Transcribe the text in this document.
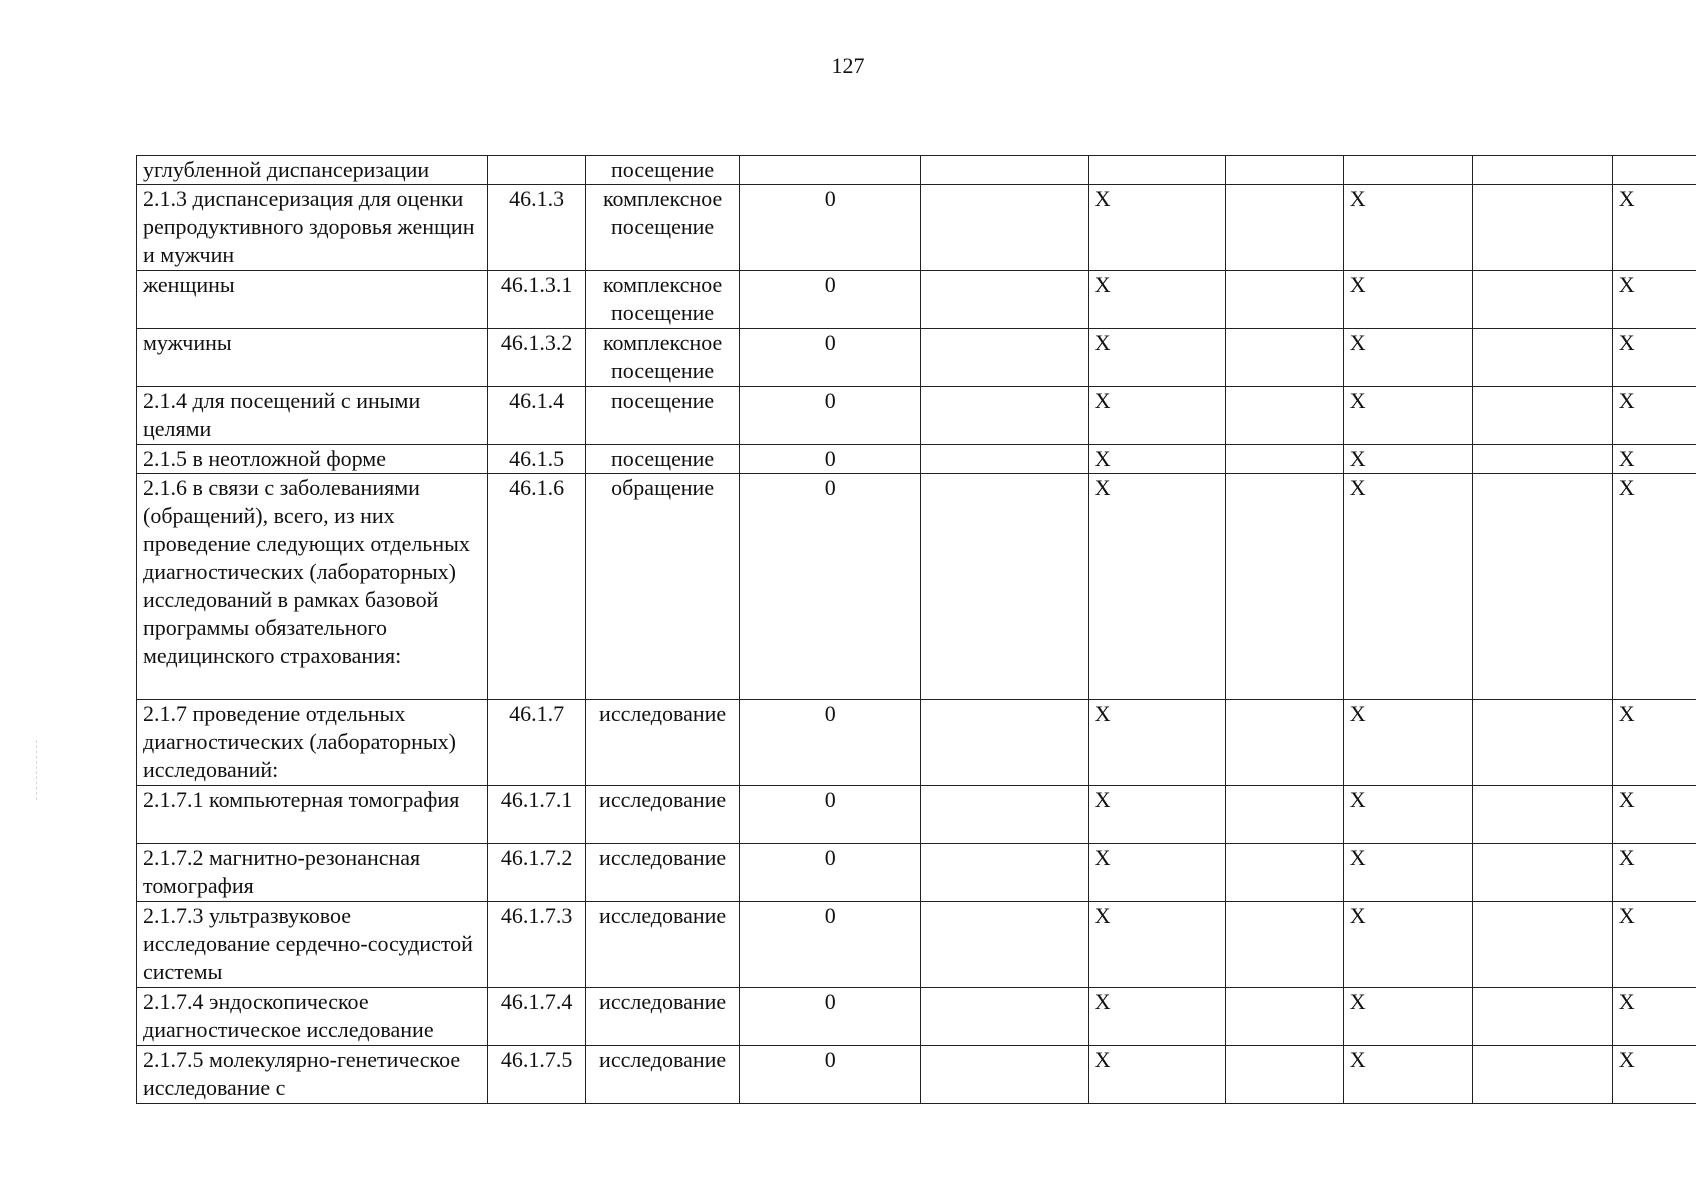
127
углубленной диспансеризации		посещение							
2.1.3 диспансеризация для оценки репродуктивного здоровья женщин и мужчин	46.1.3	комплексное посещение	0		X		X		X
женщины	46.1.3.1	комплексное посещение	0		X		X		X
мужчины	46.1.3.2	комплексное посещение	0		X		X		X
2.1.4 для посещений с иными целями	46.1.4	посещение	0		X		X		X
2.1.5 в неотложной форме	46.1.5	посещение	0		X		X		X
2.1.6 в связи с заболеваниями (обращений), всего, из них проведение следующих отдельных диагностических (лабораторных) исследований в рамках базовой программы обязательного медицинского страхования:	46.1.6	обращение	0		X		X		X
2.1.7 проведение отдельных диагностических (лабораторных) исследований:	46.1.7	исследование	0		X		X		X
2.1.7.1 компьютерная томография	46.1.7.1	исследование	0		X		X		X
2.1.7.2 магнитно-резонансная томография	46.1.7.2	исследование	0		X		X		X
2.1.7.3 ультразвуковое исследование сердечно-сосудистой системы	46.1.7.3	исследование	0		X		X		X
2.1.7.4 эндоскопическое диагностическое исследование	46.1.7.4	исследование	0		X		X		X
2.1.7.5 молекулярно-генетическое исследование с	46.1.7.5	исследование	0		X		X		X
